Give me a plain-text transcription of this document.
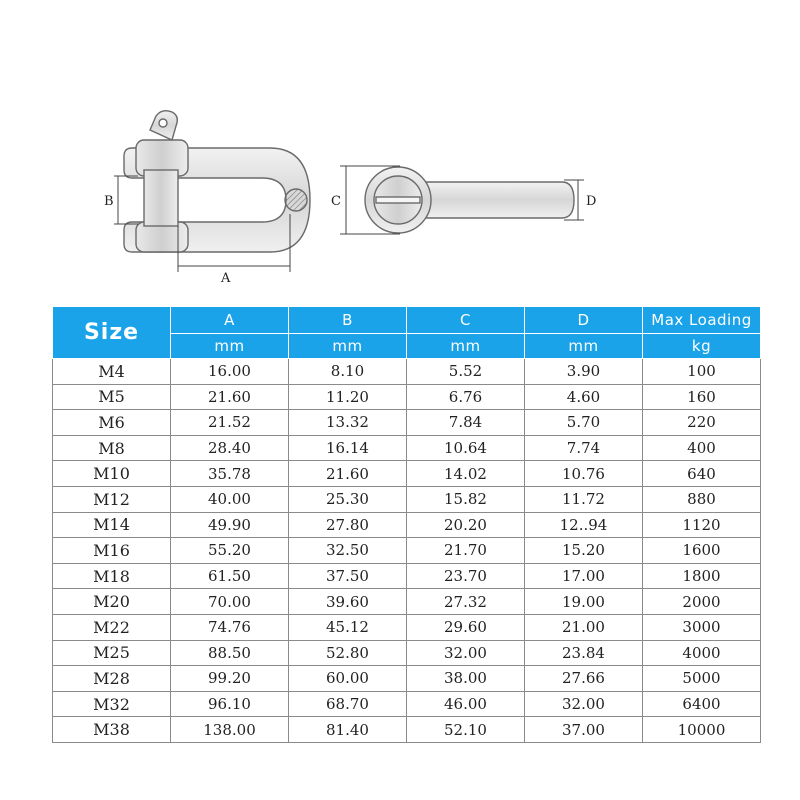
B
A
C	D
Size	A	B	C	D	Max Loading
	mm	mm	mm	mm	kg
M4	16.00	8.10	5.52	3.90	100
M5	21.60	11.20	6.76	4.60	160
M6	21.52	13.32	7.84	5.70	220
M8	28.40	16.14	10.64	7.74	400
M10	35.78	21.60	14.02	10.76	640
M12	40.00	25.30	15.82	11.72	880
M14	49.90	27.80	20.20	12..94	1120
M16	55.20	32.50	21.70	15.20	1600
M18	61.50	37.50	23.70	17.00	1800
M20	70.00	39.60	27.32	19.00	2000
M22	74.76	45.12	29.60	21.00	3000
M25	88.50	52.80	32.00	23.84	4000
M28	99.20	60.00	38.00	27.66	5000
M32	96.10	68.70	46.00	32.00	6400
M38	138.00	81.40	52.10	37.00	10000
